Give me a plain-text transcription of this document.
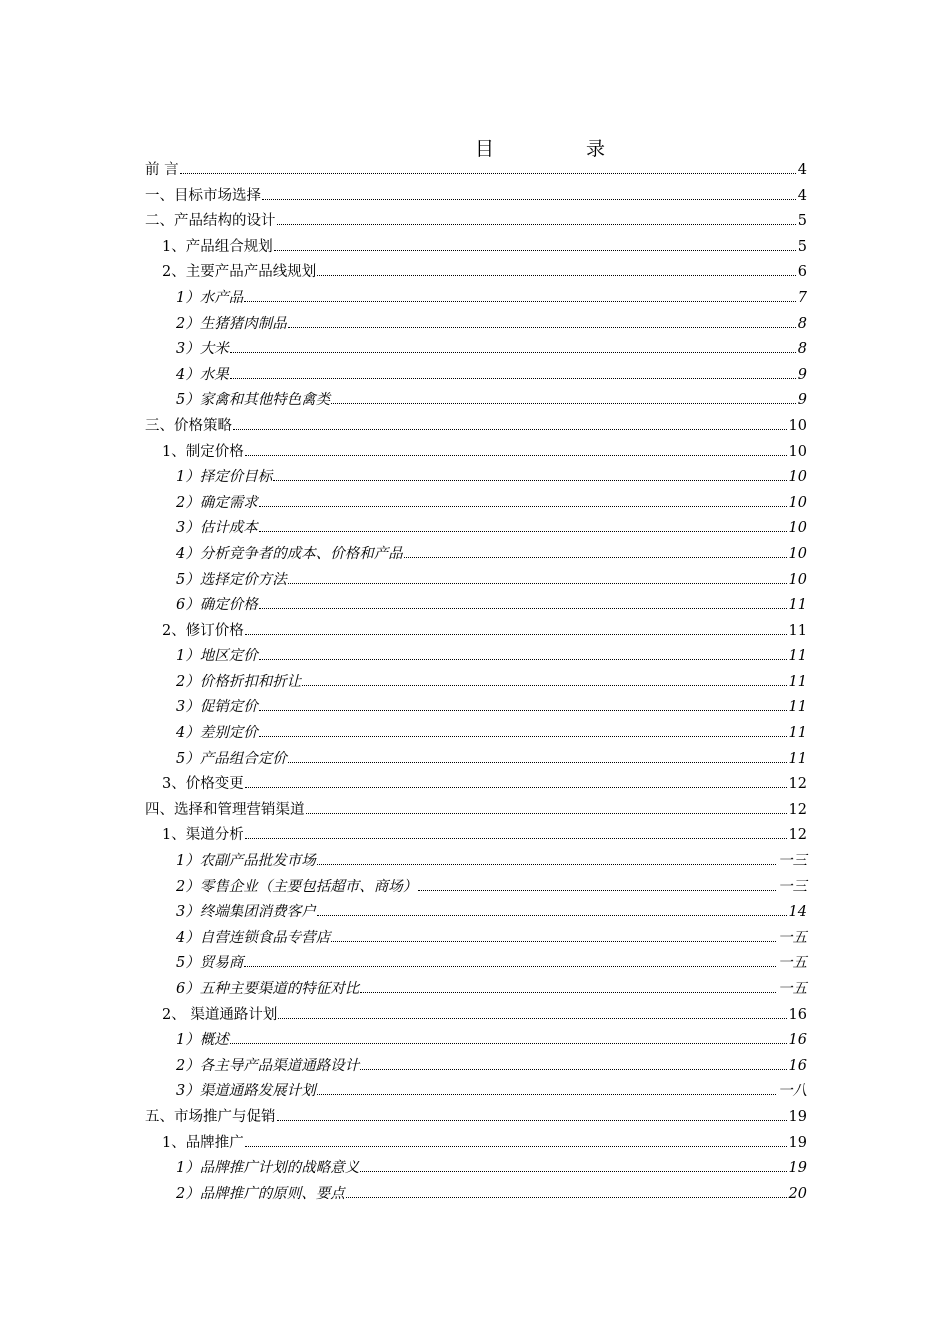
目	录
前 言	4
一、目标市场选择	4
二、产品结构的设计	5
1、产品组合规划	5
2、主要产品产品线规划	6
1）水产品	7
2）生猪猪肉制品	8
3）大米	8
4）水果	9
5）家禽和其他特色禽类	9
三、价格策略	10
1、制定价格	10
1）择定价目标	10
2）确定需求	10
3）估计成本	10
4）分析竞争者的成本、价格和产品	10
5）选择定价方法	10
6）确定价格	11
2、修订价格	11
1）地区定价	11
2）价格折扣和折让	11
3）促销定价	11
4）差别定价	11
5）产品组合定价	11
3、价格变更	12
四、选择和管理营销渠道	12
1、渠道分析	12
1）农副产品批发市场	一三
2）零售企业（主要包括超市、商场）	一三
3）终端集团消费客户	14
4）自营连锁食品专营店	一五
5）贸易商	一五
6）五种主要渠道的特征对比	一五
2、 渠道通路计划	16
1）概述	16
2）各主导产品渠道通路设计	16
3）渠道通路发展计划	一八
五、市场推广与促销	19
1、品牌推广	19
1）品牌推广计划的战略意义	19
2）品牌推广的原则、要点	20
